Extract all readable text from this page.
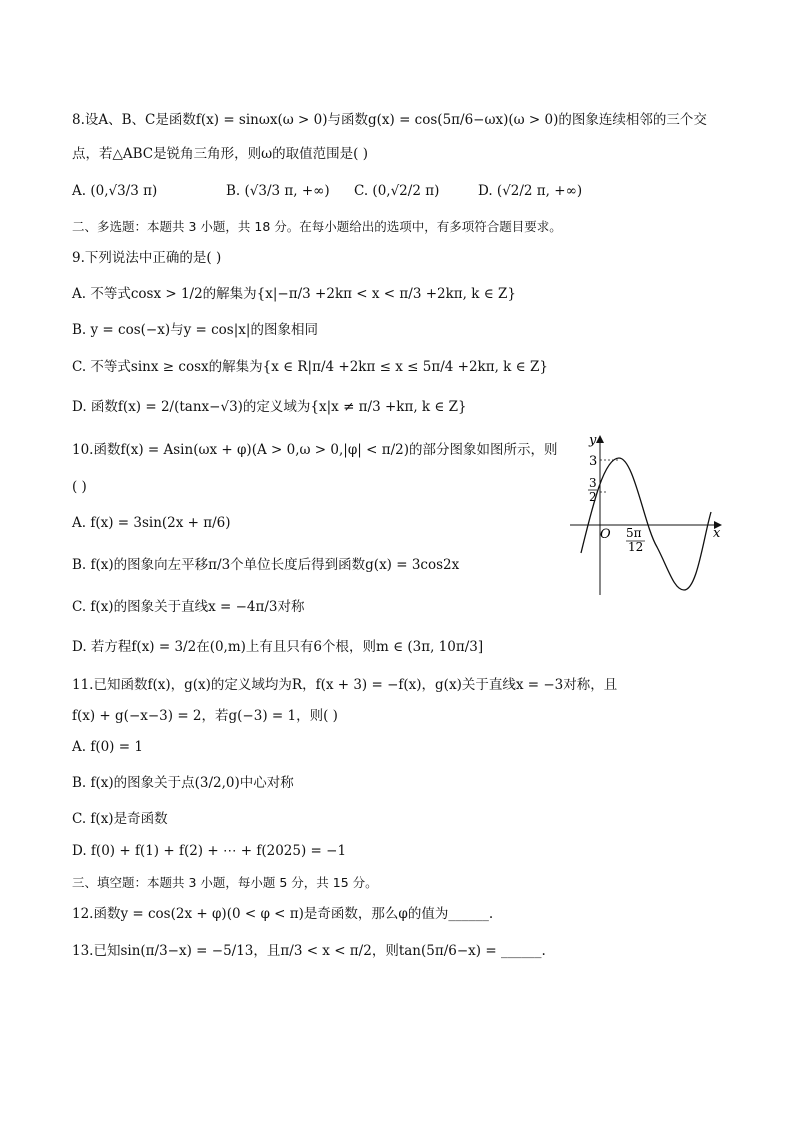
8.设A、B、C是函数f(x) = sinωx(ω > 0)与函数g(x) = cos(5π/6−ωx)(ω > 0)的图象连续相邻的三个交
点，若△ABC是锐角三角形，则ω的取值范围是( )
A. (0,√3/3 π)	B. (√3/3 π, +∞) C. (0,√2/2 π)	D. (√2/2 π, +∞)
二、多选题：本题共 3 小题，共 18 分。在每小题给出的选项中，有多项符合题目要求。
9.下列说法中正确的是( )
A. 不等式cosx > 1/2的解集为{x|−π/3 +2kπ < x < π/3 +2kπ, k ∈ Z}
B. y = cos(−x)与y = cos|x|的图象相同
C. 不等式sinx ≥ cosx的解集为{x ∈ R|π/4 +2kπ ≤ x ≤ 5π/4 +2kπ, k ∈ Z}
D. 函数f(x) = 2/(tanx−√3)的定义域为{x|x ≠ π/3 +kπ, k ∈ Z}
10.函数f(x) = Asin(ωx + φ)(A > 0,ω > 0,|φ| < π/2)的部分图象如图所示，则
( )
A. f(x) = 3sin(2x + π/6)
B. f(x)的图象向左平移π/3个单位长度后得到函数g(x) = 3cos2x
C. f(x)的图象关于直线x = −4π/3对称
D. 若方程f(x) = 3/2在(0,m)上有且只有6个根，则m ∈ (3π, 10π/3]
y
x
O
3
3
2
5π
12
11.已知函数f(x)，g(x)的定义域均为R，f(x + 3) = −f(x)，g(x)关于直线x = −3对称，且
f(x) + g(−x−3) = 2，若g(−3) = 1，则( )
A. f(0) = 1
B. f(x)的图象关于点(3/2,0)中心对称
C. f(x)是奇函数
D. f(0) + f(1) + f(2) + ⋯ + f(2025) = −1
三、填空题：本题共 3 小题，每小题 5 分，共 15 分。
12.函数y = cos(2x + φ)(0 < φ < π)是奇函数，那么φ的值为______.
13.已知sin(π/3−x) = −5/13，且π/3 < x < π/2，则tan(5π/6−x) = ______.
